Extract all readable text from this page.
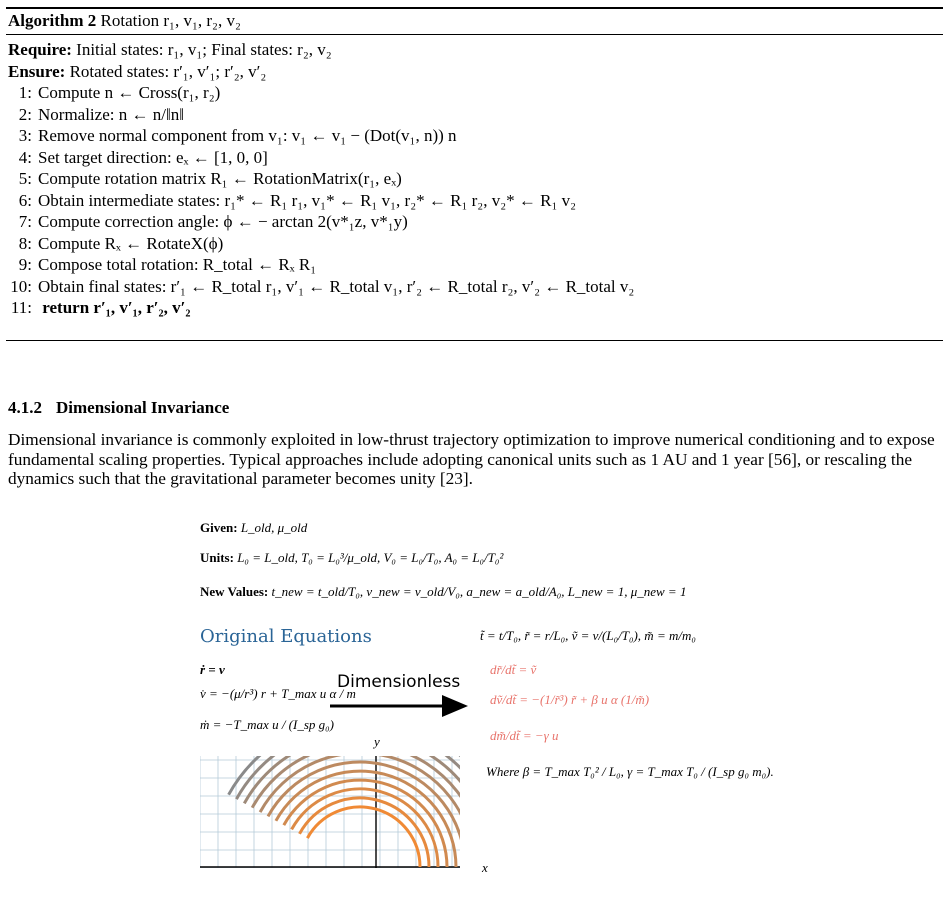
Algorithm 2 Rotation r₁, v₁, r₂, v₂
Require: Initial states: r₁, v₁; Final states: r₂, v₂
Ensure: Rotated states: r′₁, v′₁; r′₂, v′₂
1: Compute n ← Cross(r₁, r₂)
2: Normalize: n ← n/‖n‖
3: Remove normal component from v₁: v₁ ← v₁ − (Dot(v₁, n)) n
4: Set target direction: eₓ ← [1, 0, 0]
5: Compute rotation matrix R₁ ← RotationMatrix(r₁, eₓ)
6: Obtain intermediate states: r₁* ← R₁ r₁, v₁* ← R₁ v₁, r₂* ← R₁ r₂, v₂* ← R₁ v₂
7: Compute correction angle: ϕ ← − arctan 2(v*₁z, v*₁y)
8: Compute Rₓ ← RotateX(ϕ)
9: Compose total rotation: R_total ← Rₓ R₁
10: Obtain final states: r′₁ ← R_total r₁, v′₁ ← R_total v₁, r′₂ ← R_total r₂, v′₂ ← R_total v₂
11: return r′₁, v′₁, r′₂, v′₂
4.1.2 Dimensional Invariance
Dimensional invariance is commonly exploited in low-thrust trajectory optimization to improve numerical conditioning and to expose fundamental scaling properties. Typical approaches include adopting canonical units such as 1 AU and 1 year [56], or rescaling the dynamics such that the gravitational parameter becomes unity [23].
Given: L_old, μ_old
Units: L₀ = L_old, T₀ = L₀³/μ_old, V₀ = L₀/T₀, A₀ = L₀/T₀²
New Values: t_new = t_old/T₀, v_new = v_old/V₀, a_new = a_old/A₀, L_new = 1, μ_new = 1
Original Equations	t̃ = t/T₀, r̃ = r/L₀, ṽ = v/(L₀/T₀), m̃ = m/m₀
ṙ = v
v̇ = −(μ/r³) r + T_max u α / m
ṁ = −T_max u / (I_sp g₀)
Dimensionless
dr̃/dt̃ = ṽ
dṽ/dt̃ = −(1/r̃³) r̃ + β u α (1/m̃)
dm̃/dt̃ = −γ u
Where β = T_max T₀² / L₀, γ = T_max T₀ / (I_sp g₀ m₀).
y
x
